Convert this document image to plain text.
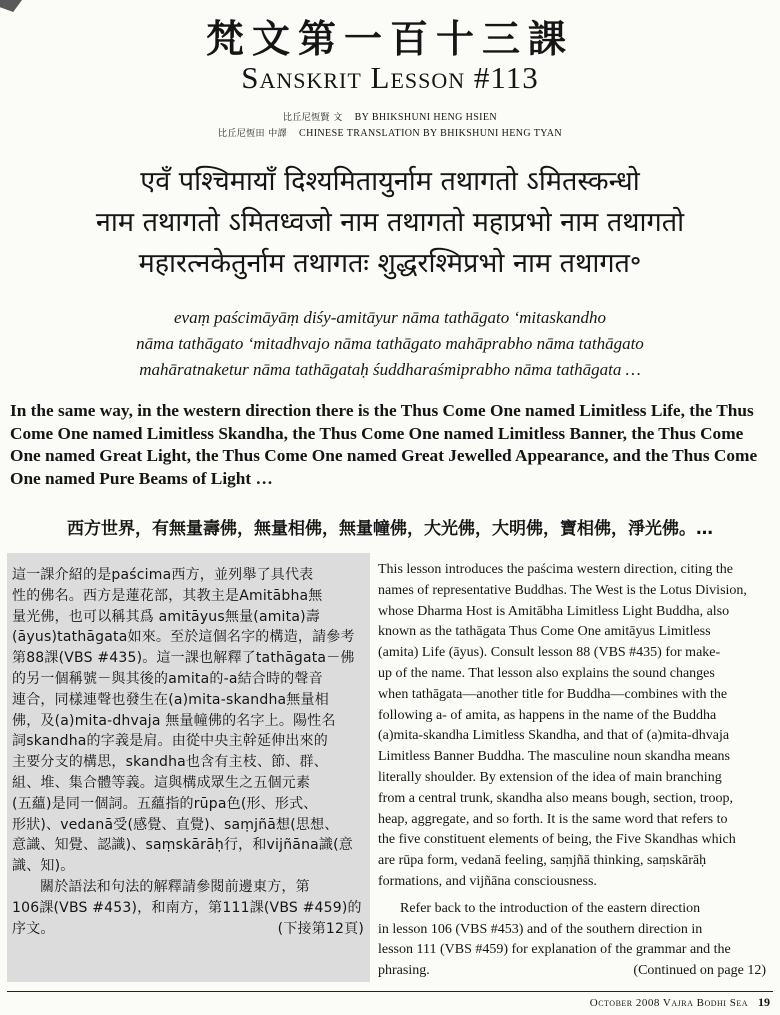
梵文第一百十三課
Sanskrit Lesson #113
比丘尼恆賢 文 BY BHIKSHUNI HENG HSIEN
比丘尼恆田 中譯 CHINESE TRANSLATION BY BHIKSHUNI HENG TYAN
एवँ पश्चिमायाँ दिश्यमितायुर्नाम तथागतो ऽमितस्कन्धो
नाम तथागतो ऽमितध्वजो नाम तथागतो महाप्रभो नाम तथागतो
महारत्नकेतुर्नाम तथागतः शुद्धरश्मिप्रभो नाम तथागत॰
evaṃ paścimāyāṃ diśy-amitāyur nāma tathāgato ‘mitaskandho
nāma tathāgato ‘mitadhvajo nāma tathāgato mahāprabho nāma tathāgato
mahāratnaketur nāma tathāgataḥ śuddharaśmiprabho nāma tathāgata …
In the same way, in the western direction there is the Thus Come One named Limitless Life, the Thus
Come One named Limitless Skandha, the Thus Come One named Limitless Banner, the Thus Come
One named Great Light, the Thus Come One named Great Jewelled Appearance, and the Thus Come
One named Pure Beams of Light …
西方世界，有無量壽佛，無量相佛，無量幢佛，大光佛，大明佛，寶相佛，淨光佛。…

這一課介紹的是paścima西方，並列舉了具代表

性的佛名。西方是蓮花部，其教主是Amitābha無

量光佛，也可以稱其爲 amitāyus無量(amita)壽

(āyus)tathāgata如來。至於這個名字的構造，請參考

第88課(VBS #435)。這一課也解釋了tathāgata－佛

的另一個稱號－與其後的amita的-a結合時的聲音

連合，同樣連聲也發生在(a)mita-skandha無量相

佛，及(a)mita-dhvaja 無量幢佛的名字上。陽性名

詞skandha的字義是肩。由從中央主幹延伸出來的

主要分支的構思，skandha也含有主枝、節、群、

組、堆、集合體等義。這與構成眾生之五個元素

(五蘊)是同一個詞。五蘊指的rūpa色(形、形式、

形狀)、vedanā受(感覺、直覺)、saṃjñā想(思想、

意識、知覺、認識)、saṃskārāḥ行，和vijñāna識(意

識、知)。

關於語法和句法的解釋請參閱前邊東方，第

106課(VBS #453)，和南方，第111課(VBS #459)的

序文。	(下接第12頁)

This lesson introduces the paścima western direction, citing the

names of representative Buddhas. The West is the Lotus Division,

whose Dharma Host is Amitābha Limitless Light Buddha, also

known as the tathāgata Thus Come One amitāyus Limitless

(amita) Life (āyus). Consult lesson 88 (VBS #435) for make-

up of the name. That lesson also explains the sound changes

when tathāgata—another title for Buddha—combines with the

following a- of amita, as happens in the name of the Buddha

(a)mita-skandha Limitless Skandha, and that of (a)mita-dhvaja

Limitless Banner Buddha. The masculine noun skandha means

literally shoulder. By extension of the idea of main branching

from a central trunk, skandha also means bough, section, troop,

heap, aggregate, and so forth. It is the same word that refers to

the five constituent elements of being, the Five Skandhas which

are rūpa form, vedanā feeling, saṃjñā thinking, saṃskārāḥ

formations, and vijñāna consciousness.

Refer back to the introduction of the eastern direction

in lesson 106 (VBS #453) and of the southern direction in

lesson 111 (VBS #459) for explanation of the grammar and the

phrasing.	(Continued on page 12)

October 2008 Vajra Bodhi Sea 19
